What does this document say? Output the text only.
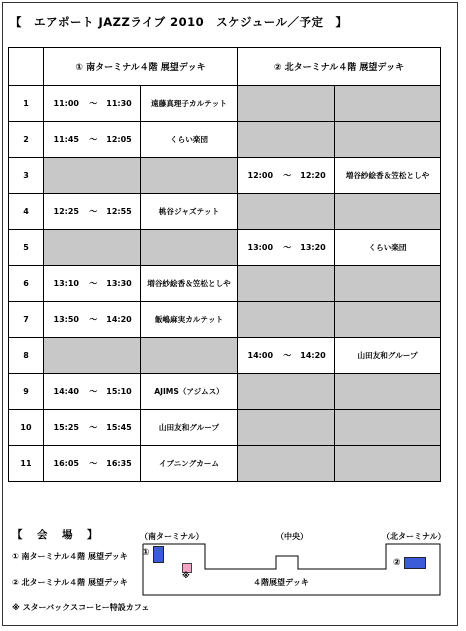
【　エアポート JAZZライブ 2010　スケジュール／予定　】
	① 南ターミナル４階 展望デッキ		② 北ターミナル４階 展望デッキ	
1	11:00 ～ 11:30	遠藤真理子カルテット		
2	11:45 ～ 12:05	くらい楽団		
3			12:00 ～ 12:20	増谷紗絵香＆笠松としや
4	12:25 ～ 12:55	桃谷ジャズテット		
5			13:00 ～ 13:20	くらい楽団
6	13:10 ～ 13:30	増谷紗絵香＆笠松としや		
7	13:50 ～ 14:20	飯嶋麻実カルテット		
8			14:00 ～ 14:20	山田友和グループ
9	14:40 ～ 15:10	AJIMS（アジムス）		
10	15:25 ～ 15:45	山田友和グループ		
11	16:05 ～ 16:35	イブニングカーム		
【　会　場　】
① 南ターミナル４階 展望デッキ
② 北ターミナル４階 展望デッキ
※ スターバックスコーヒー特設カフェ
（南ターミナル）	（中央）	（北ターミナル）
①
※
②
４階展望デッキ
